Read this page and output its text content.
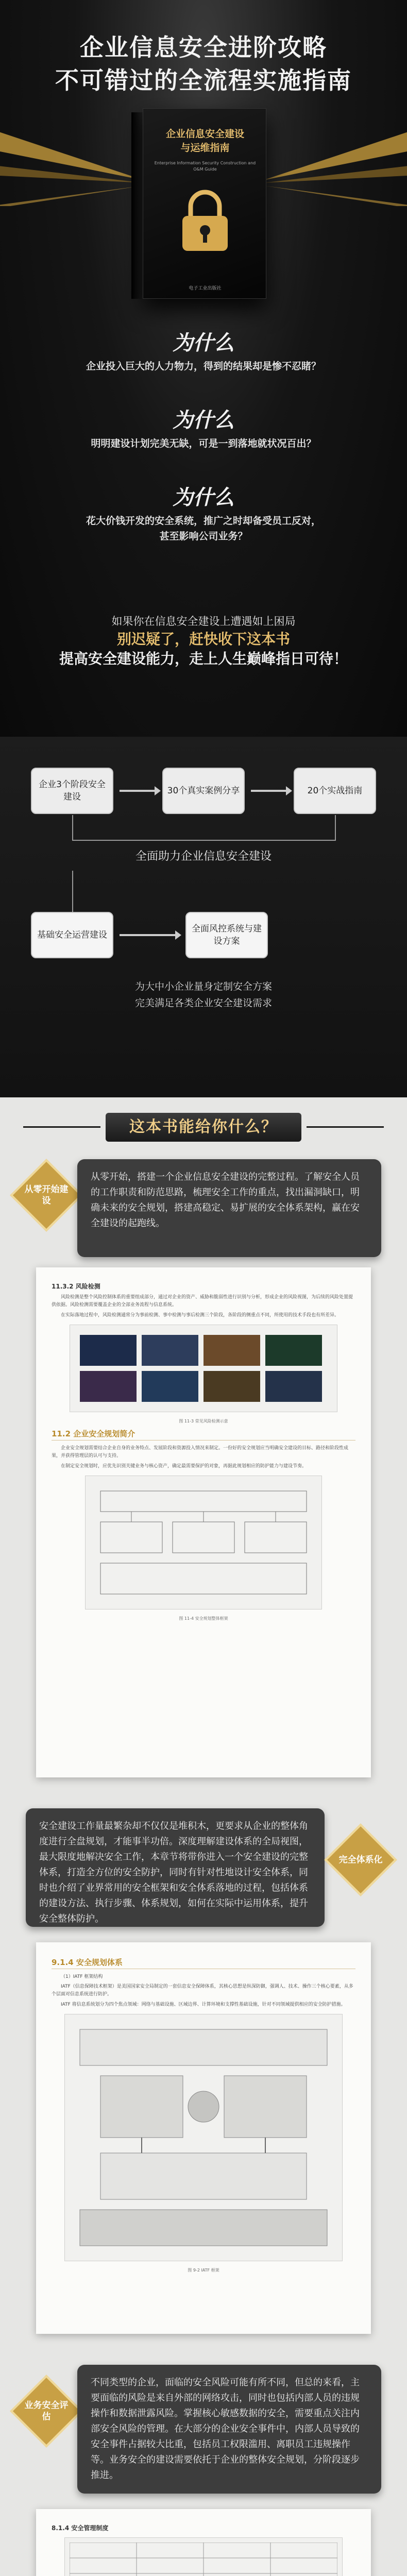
企业信息安全进阶攻略
不可错过的全流程实施指南
企业信息安全建设
与运维指南
Enterprise Information Security Construction and O&M Guide
电子工业出版社
为什么
企业投入巨大的人力物力，得到的结果却是惨不忍睹？
为什么
明明建设计划完美无缺，可是一到落地就状况百出？
为什么
花大价钱开发的安全系统，推广之时却备受员工反对，
甚至影响公司业务？
如果你在信息安全建设上遭遇如上困局
别迟疑了，赶快收下这本书
提高安全建设能力，走上人生巅峰指日可待！
企业3个阶段安全建设
30个真实案例分享	20个实战指南
全面助力企业信息安全建设
基础安全运营建设
全面风控系统与建设方案
为大中小企业量身定制安全方案
完美满足各类企业安全建设需求
这本书能给你什么？
从零开始建设
从零开始，搭建一个企业信息安全建设的完整过程。了解安全人员的工作职责和防范思路，梳理安全工作的重点，找出漏洞缺口，明确未来的安全规划，搭建高稳定、易扩展的安全体系架构，赢在安全建设的起跑线。
11.3.2 风险检测

风险检测是整个风险控制体系的重要组成部分，通过对企业的资产、威胁和脆弱性进行识别与分析，形成企业的风险视图，为后续的风险处置提供依据。风险检测需要覆盖企业的全部业务流程与信息系统。

在实际落地过程中，风险检测通常分为事前检测、事中检测与事后检测三个阶段，各阶段的侧重点不同，所使用的技术手段也有所差异。

图 11-3 常见风险检测示意
11.2 企业安全规划简介

企业安全规划需要结合企业自身的业务特点、发展阶段和资源投入情况来制定。一份好的安全规划应当明确安全建设的目标、路径和阶段性成果，并获得管理层的认可与支持。

在制定安全规划时，应优先识别关键业务与核心资产，确定最需要保护的对象，再据此规划相应的防护能力与建设节奏。

图 11-4 安全规划整体框架
安全建设工作量最繁杂却不仅仅是堆积木，更要求从企业的整体角度进行全盘规划，才能事半功倍。深度理解建设体系的全局视图，最大限度地解决安全工作，本章节将带你进入一个安全建设的完整体系，打造全方位的安全防护，同时有针对性地设计安全体系，同时也介绍了业界常用的安全框架和安全体系落地的过程，包括体系的建设方法、执行步骤、体系规划，如何在实际中运用体系，提升安全整体防护。
完全体系化
9.1.4 安全规划体系
（1）IATF 框架结构

IATF（信息保障技术框架）是美国国家安全局制定的一套信息安全保障体系，其核心思想是纵深防御，强调人、技术、操作三个核心要素，从多个层面对信息系统进行防护。

IATF 将信息系统划分为四个焦点领域：网络与基础设施、区域边界、计算环境和支撑性基础设施，针对不同领域提供相应的安全防护措施。

图 9-2 IATF 框架
业务安全评估
不同类型的企业，面临的安全风险可能有所不同，但总的来看，主要面临的风险是来自外部的网络攻击，同时也包括内部人员的违规操作和数据泄露风险。掌握核心敏感数据的安全，需要重点关注内部安全风险的管理。在大部分的企业安全事件中，内部人员导致的安全事件占据较大比重，包括员工权限滥用、离职员工违规操作等。业务安全的建设需要依托于企业的整体安全规划，分阶段逐步推进。
8.1.4 安全管理制度
